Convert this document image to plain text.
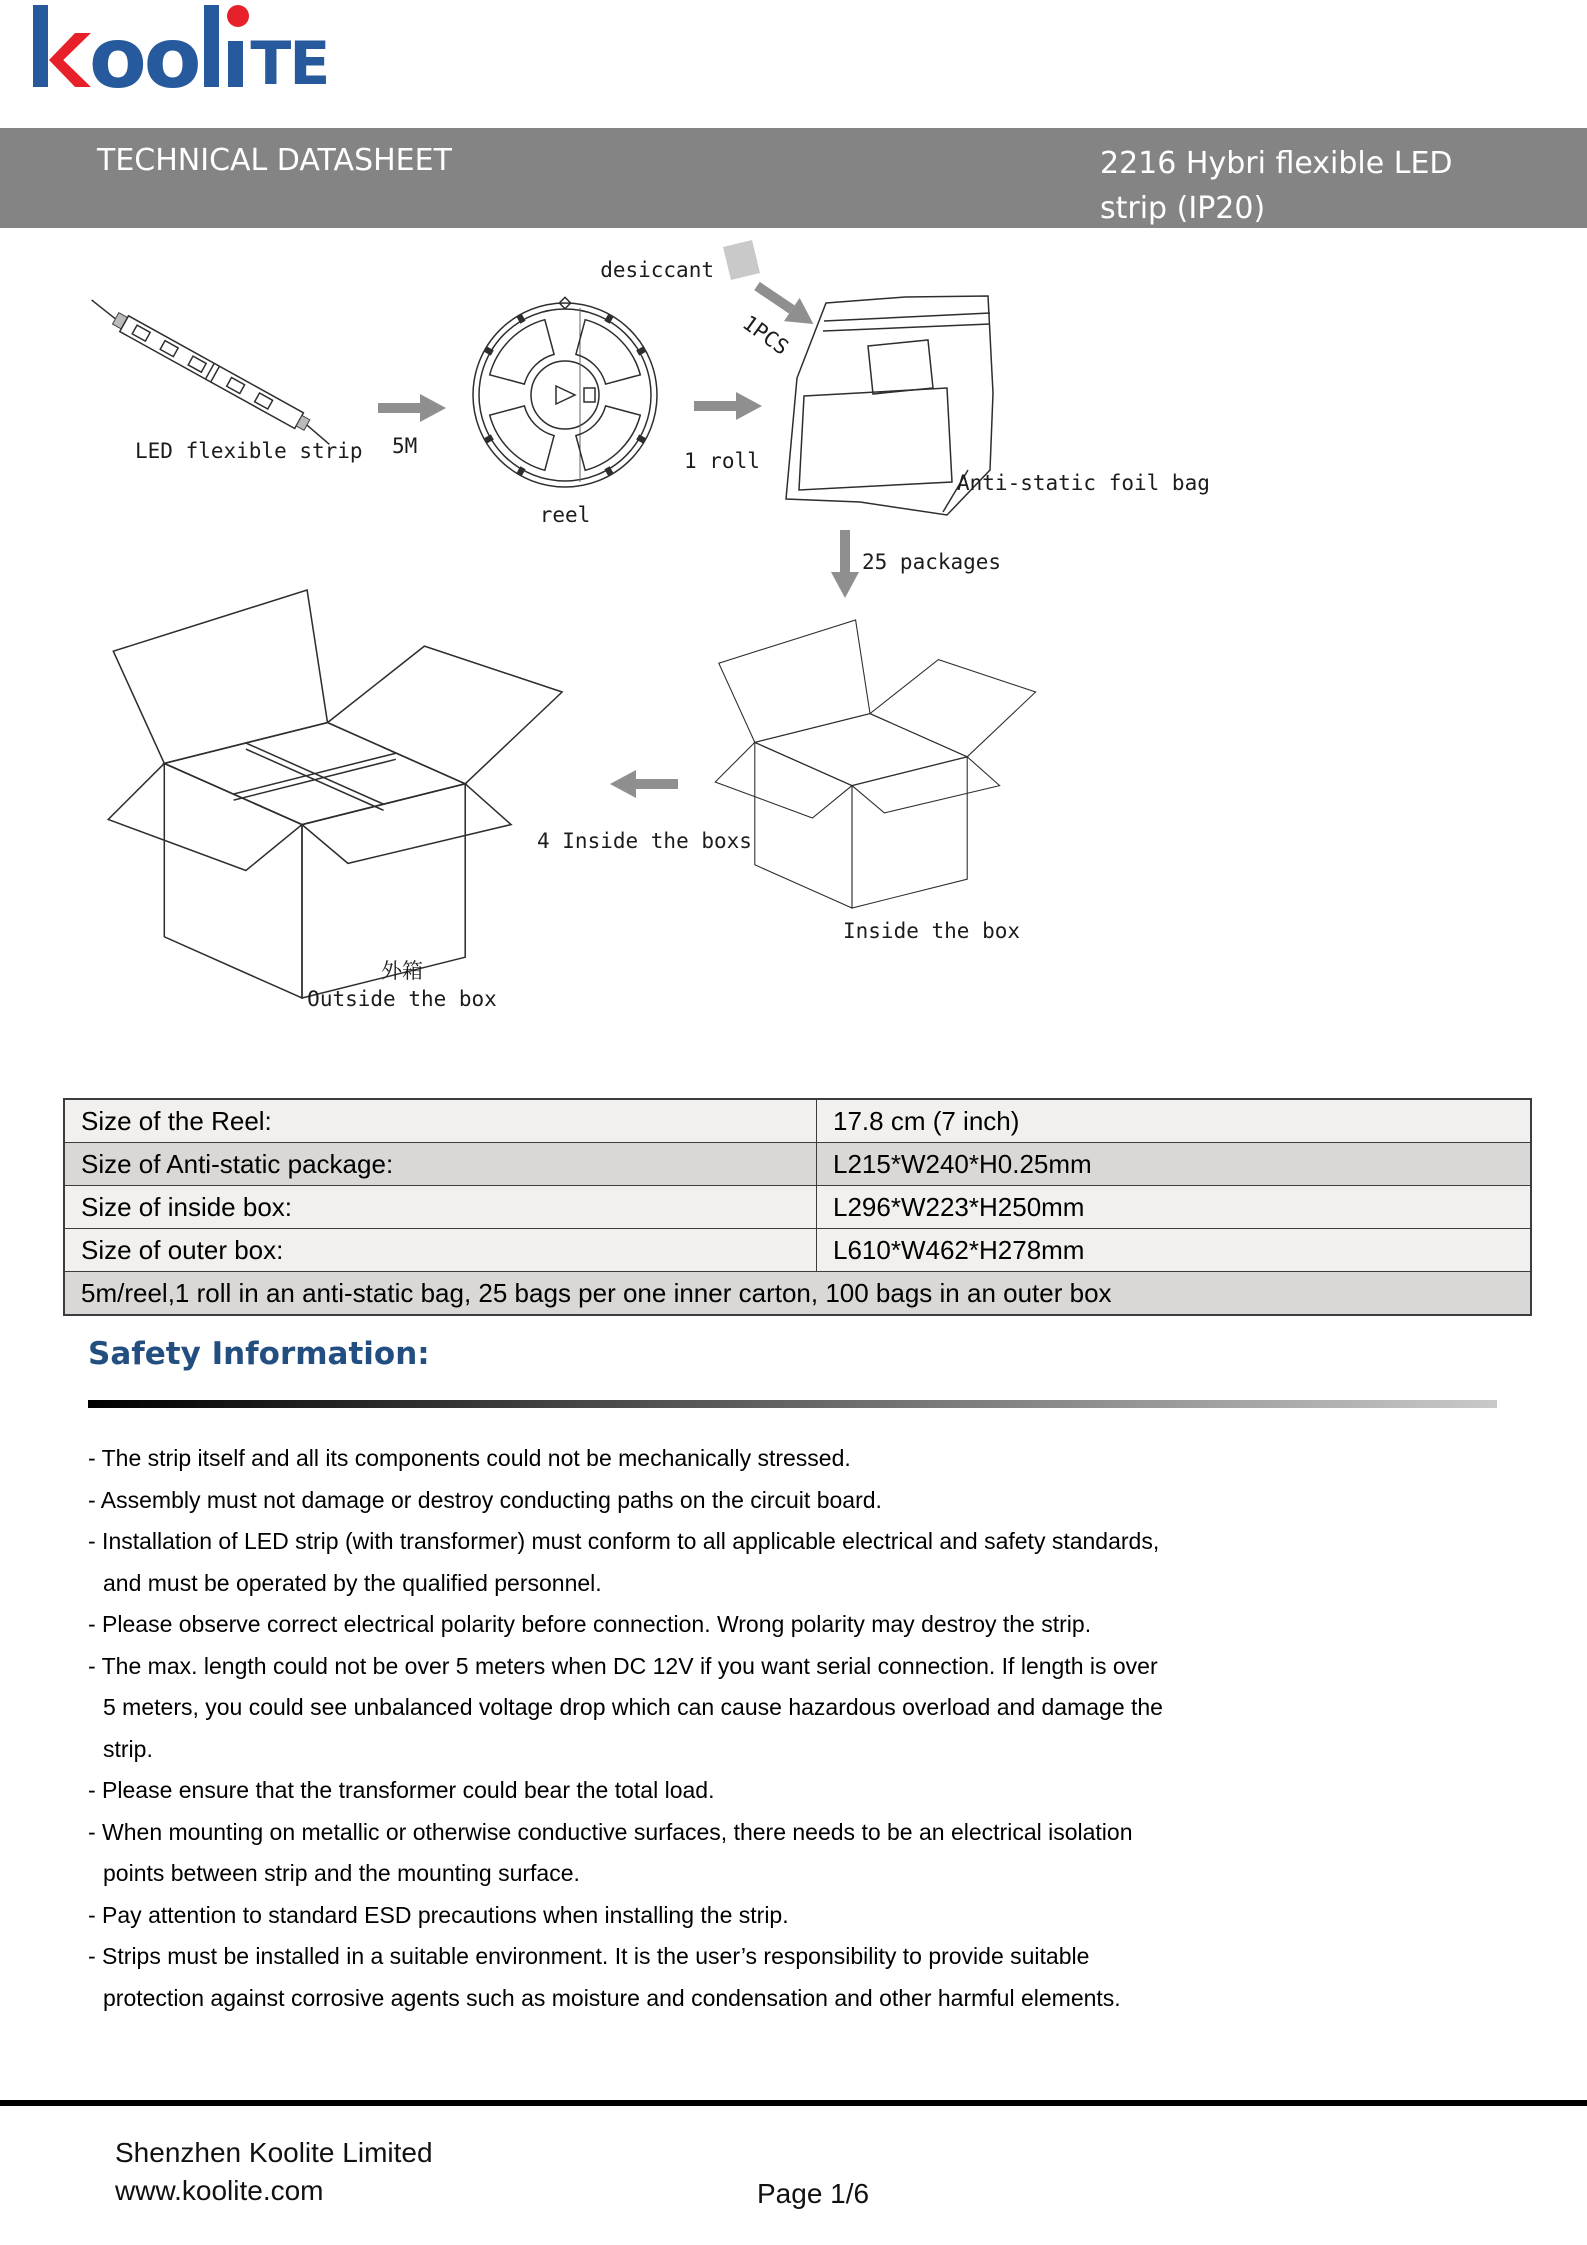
oo TE
TECHNICAL DATASHEET	2216 Hybri flexible LED
strip (IP20)
LED flexible strip 5M
reel
1 roll
desiccant
1PCS
Anti-static foil bag
25 packages
Inside the box
4 Inside the boxs
外箱
Outside the box
Size of the Reel:	17.8 cm (7 inch)
Size of Anti-static package:	L215*W240*H0.25mm
Size of inside box:	L296*W223*H250mm
Size of outer box:	L610*W462*H278mm
5m/reel,1 roll in an anti-static bag, 25 bags per one inner carton, 100 bags in an outer box	
Safety Information:
- The strip itself and all its components could not be mechanically stressed.
- Assembly must not damage or destroy conducting paths on the circuit board.
- Installation of LED strip (with transformer) must conform to all applicable electrical and safety standards,
and must be operated by the qualified personnel.
- Please observe correct electrical polarity before connection. Wrong polarity may destroy the strip.
- The max. length could not be over 5 meters when DC 12V if you want serial connection. If length is over
5 meters, you could see unbalanced voltage drop which can cause hazardous overload and damage the
strip.
- Please ensure that the transformer could bear the total load.
- When mounting on metallic or otherwise conductive surfaces, there needs to be an electrical isolation
points between strip and the mounting surface.
- Pay attention to standard ESD precautions when installing the strip.
- Strips must be installed in a suitable environment. It is the user’s responsibility to provide suitable
protection against corrosive agents such as moisture and condensation and other harmful elements.
Shenzhen Koolite Limited
www.koolite.com	Page 1/6
